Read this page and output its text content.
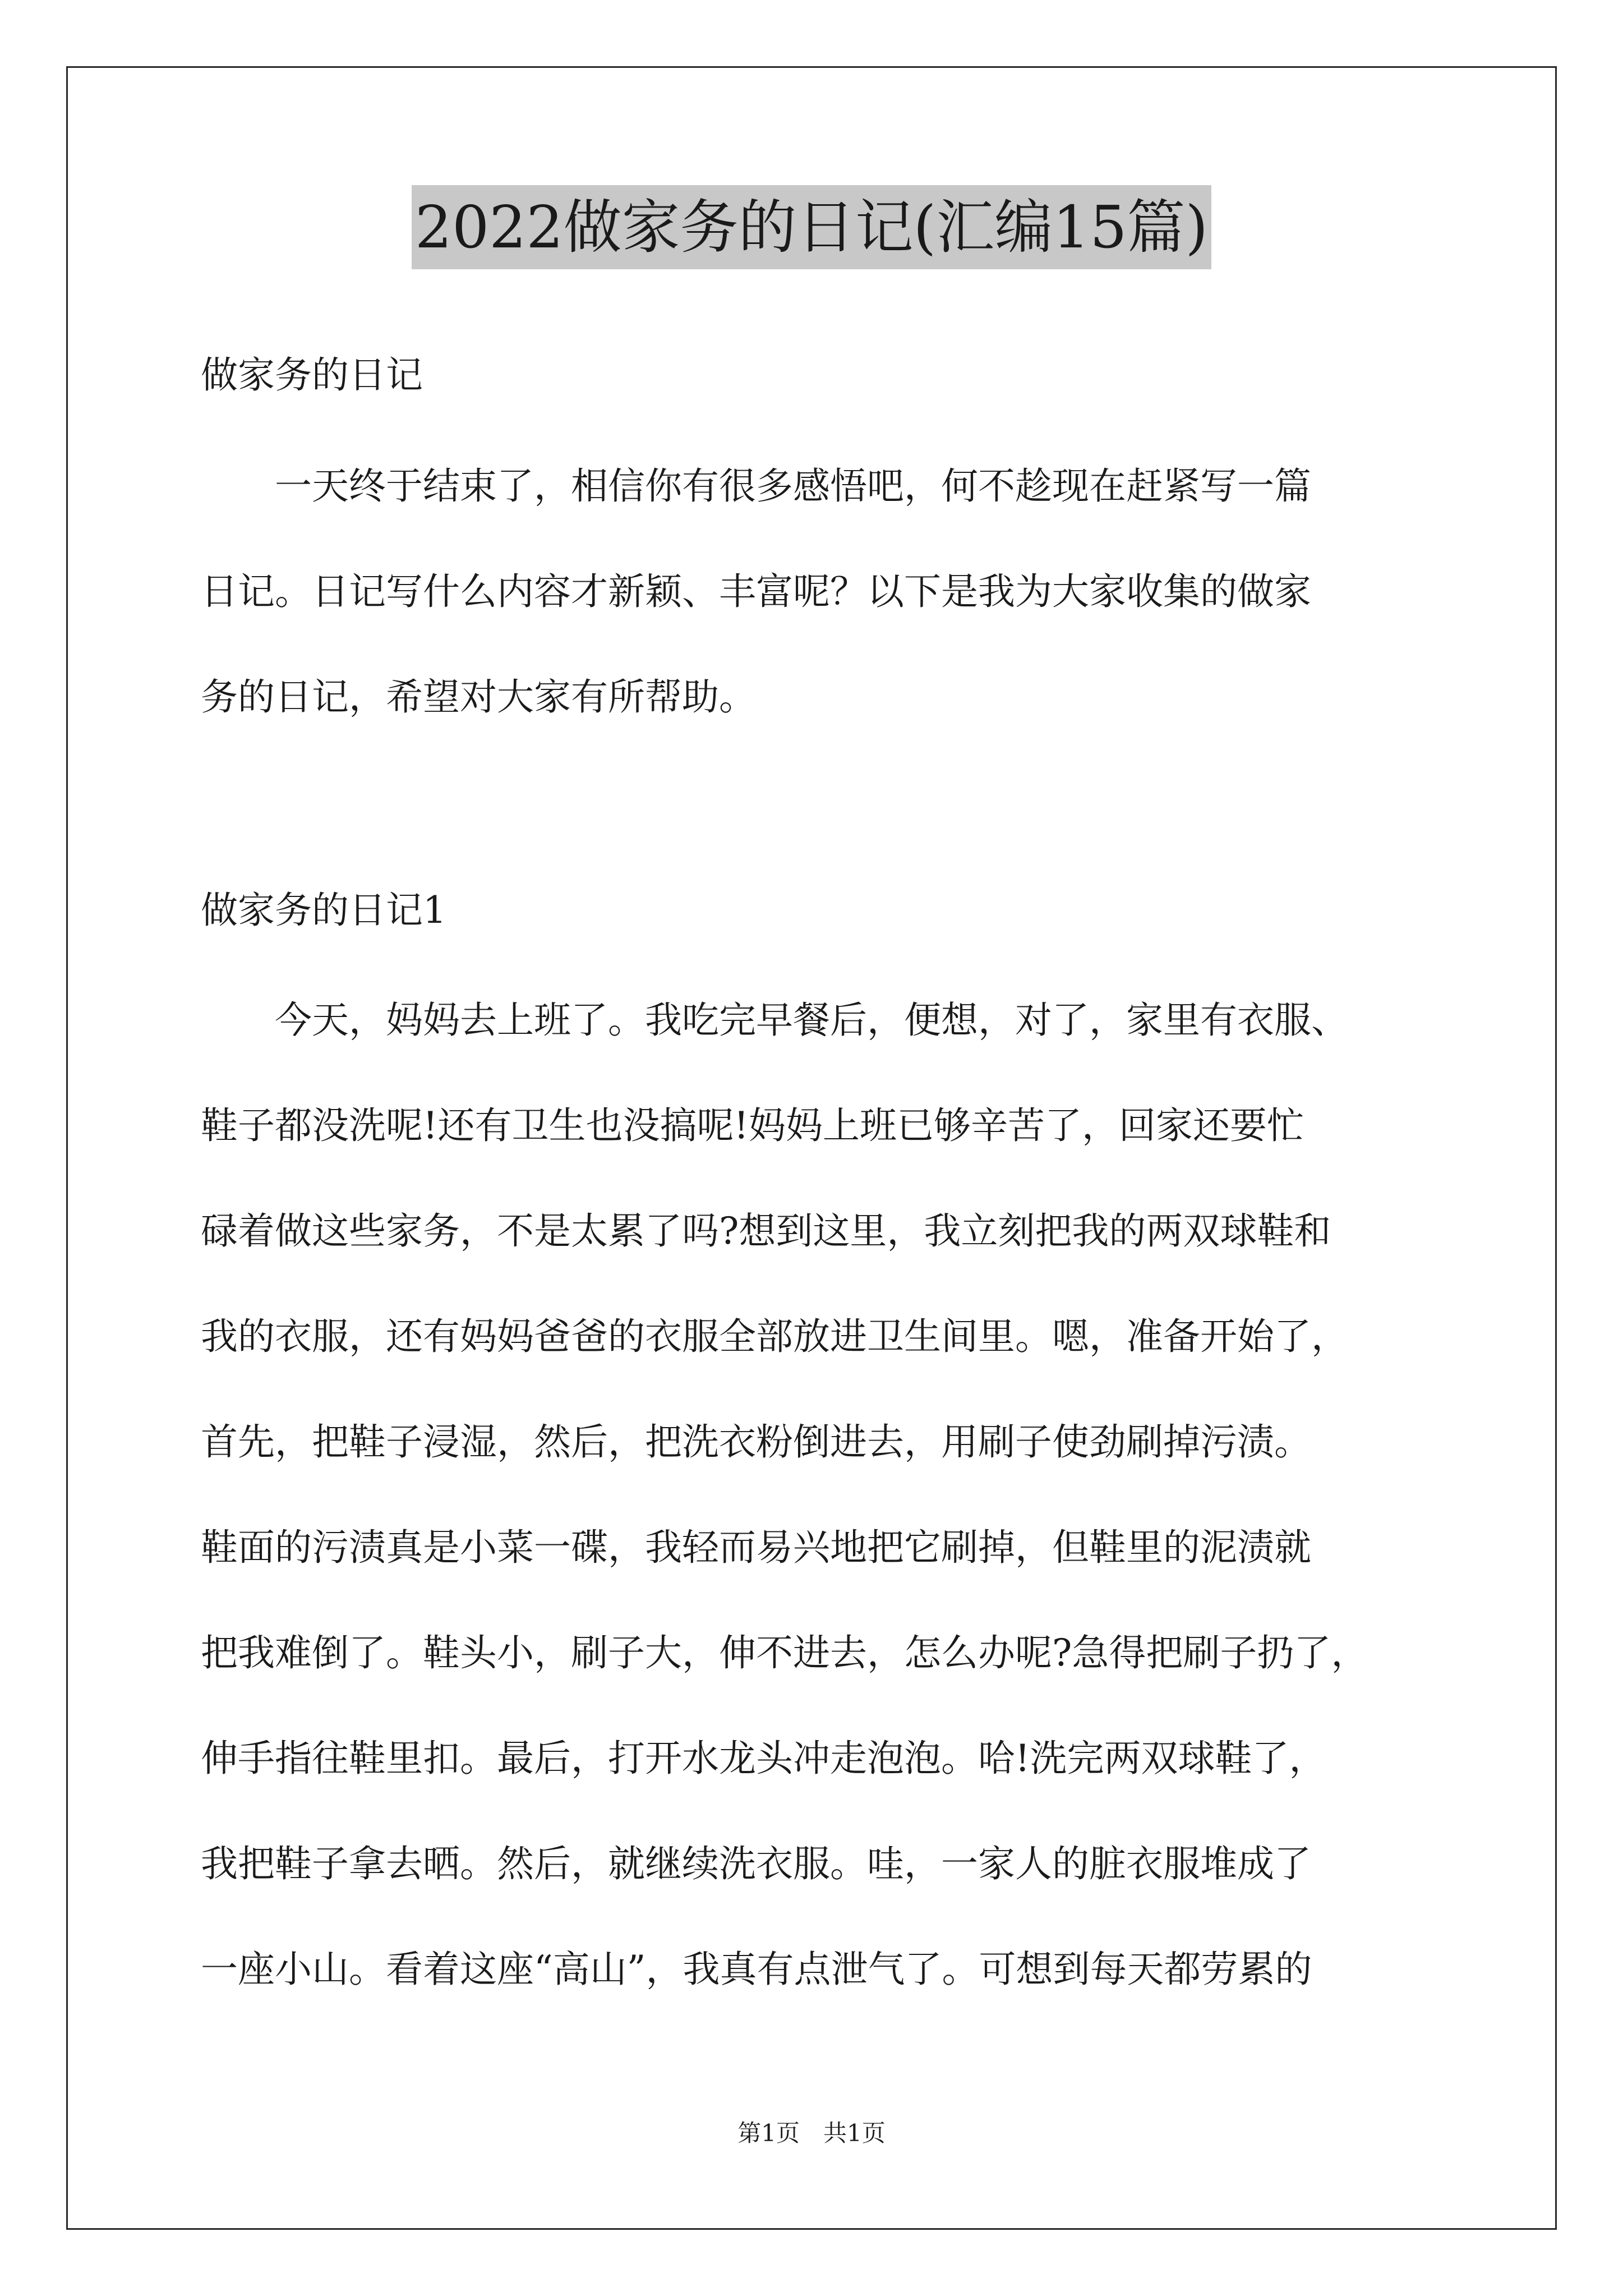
2022做家务的日记(汇编15篇)
做家务的日记
一天终于结束了，相信你有很多感悟吧，何不趁现在赶紧写一篇
日记。日记写什么内容才新颖、丰富呢？以下是我为大家收集的做家
务的日记，希望对大家有所帮助。
做家务的日记1
今天，妈妈去上班了。我吃完早餐后，便想，对了，家里有衣服、
鞋子都没洗呢!还有卫生也没搞呢!妈妈上班已够辛苦了，回家还要忙
碌着做这些家务，不是太累了吗?想到这里，我立刻把我的两双球鞋和
我的衣服，还有妈妈爸爸的衣服全部放进卫生间里。嗯，准备开始了，
首先，把鞋子浸湿，然后，把洗衣粉倒进去，用刷子使劲刷掉污渍。
鞋面的污渍真是小菜一碟，我轻而易兴地把它刷掉，但鞋里的泥渍就
把我难倒了。鞋头小，刷子大，伸不进去，怎么办呢?急得把刷子扔了，
伸手指往鞋里扣。最后，打开水龙头冲走泡泡。哈!洗完两双球鞋了，
我把鞋子拿去晒。然后，就继续洗衣服。哇，一家人的脏衣服堆成了
一座小山。看着这座“高山”，我真有点泄气了。可想到每天都劳累的
第1页　共1页
